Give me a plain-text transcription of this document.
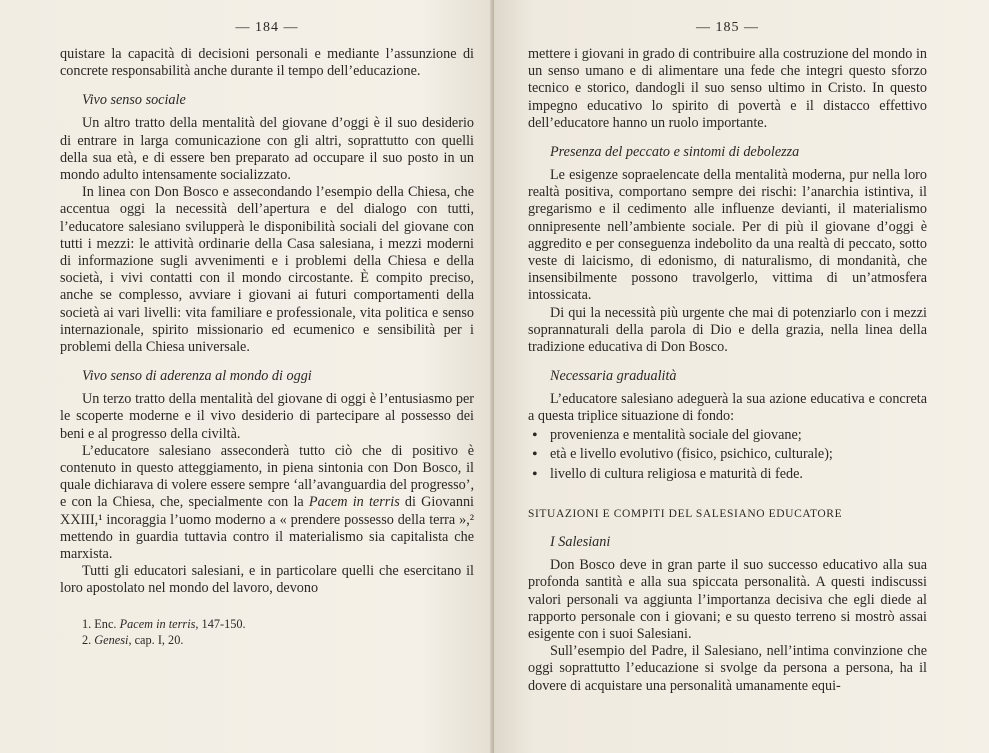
— 184 —

quistare la capacità di decisioni personali e mediante l’assunzione di concrete responsabilità anche durante il tempo dell’educazione.

Vivo senso sociale

Un altro tratto della mentalità del giovane d’oggi è il suo desiderio di entrare in larga comunicazione con gli altri, soprattutto con quelli della sua età, e di essere ben preparato ad occupare il suo posto in un mondo adulto intensamente socializzato.

In linea con Don Bosco e assecondando l’esempio della Chiesa, che accentua oggi la necessità dell’apertura e del dialogo con tutti, l’educatore salesiano svilupperà le disponibilità sociali del giovane con tutti i mezzi: le attività ordinarie della Casa salesiana, i mezzi moderni di informazione sugli avvenimenti e i problemi della Chiesa e della società, i vivi contatti con il mondo circostante. È compito preciso, anche se complesso, avviare i giovani ai futuri comportamenti della società ai vari livelli: vita familiare e professionale, vita politica e senso internazionale, spirito missionario ed ecumenico e sensibilità per i problemi della Chiesa universale.

Vivo senso di aderenza al mondo di oggi

Un terzo tratto della mentalità del giovane di oggi è l’entusiasmo per le scoperte moderne e il vivo desiderio di partecipare al possesso dei beni e al progresso della civiltà.

L’educatore salesiano asseconderà tutto ciò che di positivo è contenuto in questo atteggiamento, in piena sintonia con Don Bosco, il quale dichiarava di volere essere sempre ‘all’avanguardia del progresso’, e con la Chiesa, che, specialmente con la Pacem in terris di Giovanni XXIII,¹ incoraggia l’uomo moderno a « prendere possesso della terra »,² mettendo in guardia tuttavia contro il materialismo sia capitalista che marxista.

Tutti gli educatori salesiani, e in particolare quelli che esercitano il loro apostolato nel mondo del lavoro, devono

1. Enc. Pacem in terris, 147-150.
2. Genesi, cap. I, 20.
— 185 —

mettere i giovani in grado di contribuire alla costruzione del mondo in un senso umano e di alimentare una fede che integri questo sforzo tecnico e storico, dandogli il suo senso ultimo in Cristo. In questo impegno educativo lo spirito di povertà e il distacco effettivo dell’educatore hanno un ruolo importante.

Presenza del peccato e sintomi di debolezza

Le esigenze sopraelencate della mentalità moderna, pur nella loro realtà positiva, comportano sempre dei rischi: l’anarchia istintiva, il gregarismo e il cedimento alle influenze devianti, il materialismo onnipresente nell’ambiente sociale. Per di più il giovane d’oggi è aggredito e per conseguenza indebolito da una realtà di peccato, sotto veste di laicismo, di edonismo, di naturalismo, di mondanità, che insensibilmente possono travolgerlo, vittima di un’atmosfera intossicata.

Di qui la necessità più urgente che mai di potenziarlo con i mezzi soprannaturali della parola di Dio e della grazia, nella linea della tradizione educativa di Don Bosco.

Necessaria gradualità

L’educatore salesiano adeguerà la sua azione educativa e concreta a questa triplice situazione di fondo:

• provenienza e mentalità sociale del giovane;
• età e livello evolutivo (fisico, psichico, culturale);
• livello di cultura religiosa e maturità di fede.
SITUAZIONI E COMPITI DEL SALESIANO EDUCATORE
I Salesiani

Don Bosco deve in gran parte il suo successo educativo alla sua profonda santità e alla sua spiccata personalità. A questi indiscussi valori personali va aggiunta l’importanza decisiva che egli diede al rapporto personale con i giovani; e su questo terreno si mostrò assai esigente con i suoi Salesiani.

Sull’esempio del Padre, il Salesiano, nell’intima convinzione che oggi soprattutto l’educazione si svolge da persona a persona, ha il dovere di acquistare una personalità umanamente equi-
